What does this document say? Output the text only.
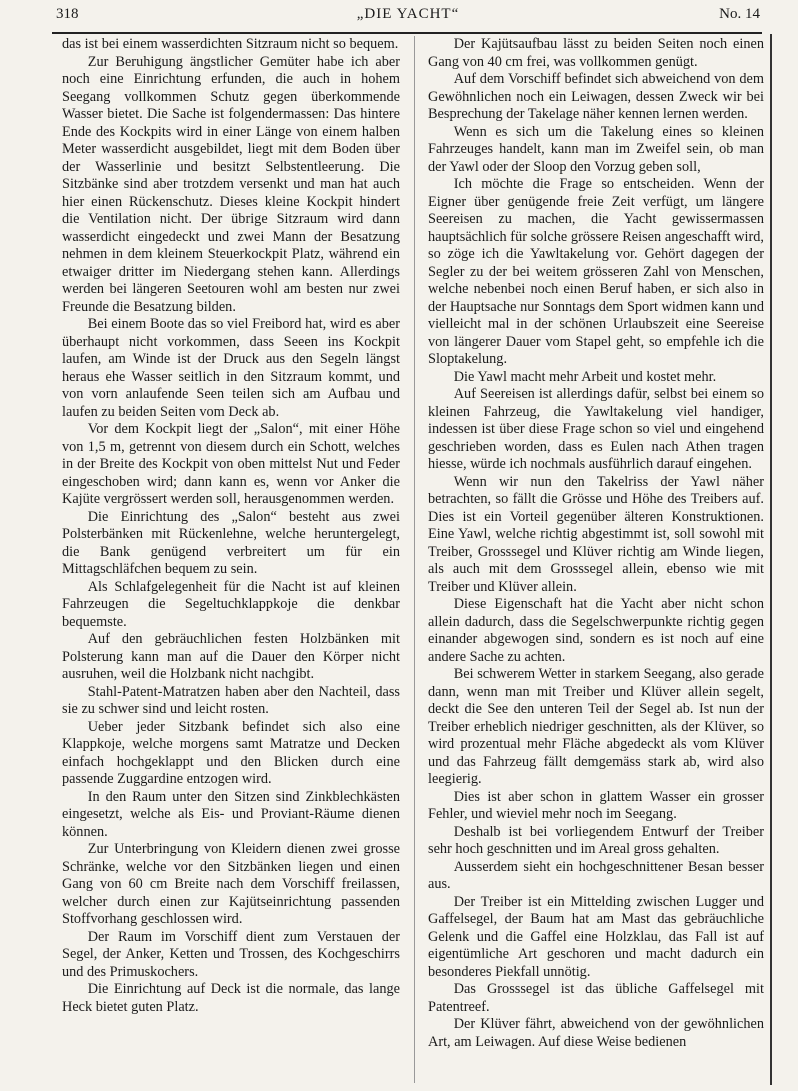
318	„DIE YACHT“	No. 14

das ist bei einem wasserdichten Sitzraum nicht so bequem.

Zur Beruhigung ängstlicher Gemüter habe ich aber noch eine Einrichtung erfunden, die auch in hohem Seegang vollkommen Schutz gegen überkommende Wasser bietet. Die Sache ist folgendermassen: Das hintere Ende des Kockpits wird in einer Länge von einem halben Meter wasserdicht ausgebildet, liegt mit dem Boden über der Wasserlinie und besitzt Selbstentleerung. Die Sitzbänke sind aber trotzdem versenkt und man hat auch hier einen Rückenschutz. Dieses kleine Kockpit hindert die Ventilation nicht. Der übrige Sitzraum wird dann wasserdicht eingedeckt und zwei Mann der Besatzung nehmen in dem kleinem Steuerkockpit Platz, während ein etwaiger dritter im Niedergang stehen kann. Allerdings werden bei längeren Seetouren wohl am besten nur zwei Freunde die Besatzung bilden.

Bei einem Boote das so viel Freibord hat, wird es aber überhaupt nicht vorkommen, dass Seeen ins Kockpit laufen, am Winde ist der Druck aus den Segeln längst heraus ehe Wasser seitlich in den Sitzraum kommt, und von vorn anlaufende Seen teilen sich am Aufbau und laufen zu beiden Seiten vom Deck ab.

Vor dem Kockpit liegt der „Salon“, mit einer Höhe von 1,5 m, getrennt von diesem durch ein Schott, welches in der Breite des Kockpit von oben mittelst Nut und Feder eingeschoben wird; dann kann es, wenn vor Anker die Kajüte vergrössert werden soll, herausgenommen werden.

Die Einrichtung des „Salon“ besteht aus zwei Polsterbänken mit Rückenlehne, welche heruntergelegt, die Bank genügend verbreitert um für ein Mittagschläfchen bequem zu sein.

Als Schlafgelegenheit für die Nacht ist auf kleinen Fahrzeugen die Segeltuchklappkoje die denkbar bequemste.

Auf den gebräuchlichen festen Holzbänken mit Polsterung kann man auf die Dauer den Körper nicht ausruhen, weil die Holzbank nicht nachgibt.

Stahl-Patent-Matratzen haben aber den Nachteil, dass sie zu schwer sind und leicht rosten.

Ueber jeder Sitzbank befindet sich also eine Klappkoje, welche morgens samt Matratze und Decken einfach hochgeklappt und den Blicken durch eine passende Zuggardine entzogen wird.

In den Raum unter den Sitzen sind Zinkblechkästen eingesetzt, welche als Eis- und Proviant-Räume dienen können.

Zur Unterbringung von Kleidern dienen zwei grosse Schränke, welche vor den Sitzbänken liegen und einen Gang von 60 cm Breite nach dem Vorschiff freilassen, welcher durch einen zur Kajütseinrichtung passenden Stoffvorhang geschlossen wird.

Der Raum im Vorschiff dient zum Verstauen der Segel, der Anker, Ketten und Trossen, des Kochgeschirrs und des Primuskochers.

Die Einrichtung auf Deck ist die normale, das lange Heck bietet guten Platz.

Der Kajütsaufbau lässt zu beiden Seiten noch einen Gang von 40 cm frei, was vollkommen genügt.

Auf dem Vorschiff befindet sich abweichend von dem Gewöhnlichen noch ein Leiwagen, dessen Zweck wir bei Besprechung der Takelage näher kennen lernen werden.

Wenn es sich um die Takelung eines so kleinen Fahrzeuges handelt, kann man im Zweifel sein, ob man der Yawl oder der Sloop den Vorzug geben soll,

Ich möchte die Frage so entscheiden. Wenn der Eigner über genügende freie Zeit verfügt, um längere Seereisen zu machen, die Yacht gewissermassen hauptsächlich für solche grössere Reisen angeschafft wird, so zöge ich die Yawltakelung vor. Gehört dagegen der Segler zu der bei weitem grösseren Zahl von Menschen, welche nebenbei noch einen Beruf haben, er sich also in der Hauptsache nur Sonntags dem Sport widmen kann und vielleicht mal in der schönen Urlaubszeit eine Seereise von längerer Dauer vom Stapel geht, so empfehle ich die Sloptakelung.

Die Yawl macht mehr Arbeit und kostet mehr.

Auf Seereisen ist allerdings dafür, selbst bei einem so kleinen Fahrzeug, die Yawltakelung viel handiger, indessen ist über diese Frage schon so viel und eingehend geschrieben worden, dass es Eulen nach Athen tragen hiesse, würde ich nochmals ausführlich darauf eingehen.

Wenn wir nun den Takelriss der Yawl näher betrachten, so fällt die Grösse und Höhe des Treibers auf. Dies ist ein Vorteil gegenüber älteren Konstruktionen. Eine Yawl, welche richtig abgestimmt ist, soll sowohl mit Treiber, Grosssegel und Klüver richtig am Winde liegen, als auch mit dem Grosssegel allein, ebenso wie mit Treiber und Klüver allein.

Diese Eigenschaft hat die Yacht aber nicht schon allein dadurch, dass die Segelschwerpunkte richtig gegen einander abgewogen sind, sondern es ist noch auf eine andere Sache zu achten.

Bei schwerem Wetter in starkem Seegang, also gerade dann, wenn man mit Treiber und Klüver allein segelt, deckt die See den unteren Teil der Segel ab. Ist nun der Treiber erheblich niedriger geschnitten, als der Klüver, so wird prozentual mehr Fläche abgedeckt als vom Klüver und das Fahrzeug fällt demgemäss stark ab, wird also leegierig.

Dies ist aber schon in glattem Wasser ein grosser Fehler, und wieviel mehr noch im Seegang.

Deshalb ist bei vorliegendem Entwurf der Treiber sehr hoch geschnitten und im Areal gross gehalten.

Ausserdem sieht ein hochgeschnittener Besan besser aus.

Der Treiber ist ein Mittelding zwischen Lugger und Gaffelsegel, der Baum hat am Mast das gebräuchliche Gelenk und die Gaffel eine Holzklau, das Fall ist auf eigentümliche Art geschoren und macht dadurch ein besonderes Piekfall unnötig.

Das Grosssegel ist das übliche Gaffelsegel mit Patentreef.

Der Klüver fährt, abweichend von der gewöhnlichen Art, am Leiwagen. Auf diese Weise bedienen
